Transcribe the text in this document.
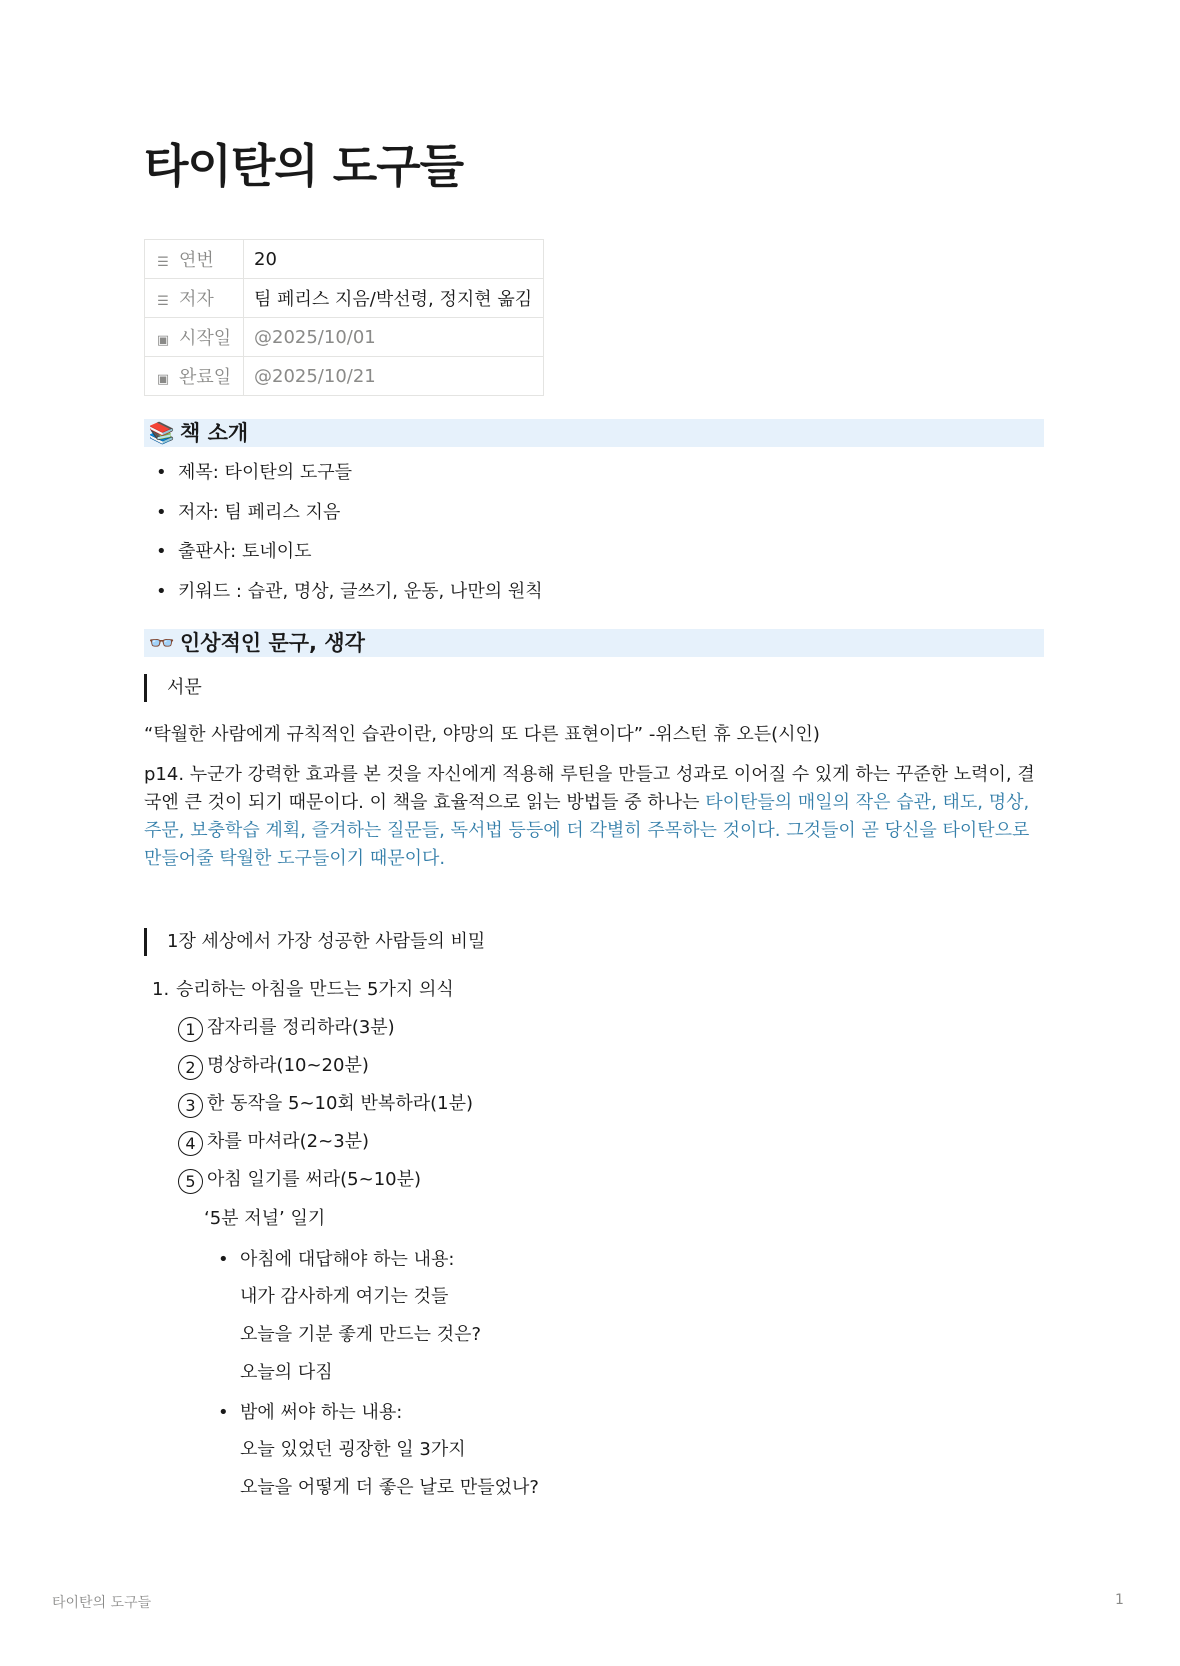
타이탄의 도구들
☰ 연번	20
☰ 저자	팀 페리스 지음/박선령, 정지현 옮김
▣ 시작일	@2025/10/01
▣ 완료일	@2025/10/21
📚 책 소개
• 제목: 타이탄의 도구들
• 저자: 팀 페리스 지음
• 출판사: 토네이도
• 키워드 : 습관, 명상, 글쓰기, 운동, 나만의 원칙
👓 인상적인 문구, 생각
서문

“탁월한 사람에게 규칙적인 습관이란, 야망의 또 다른 표현이다” -위스턴 휴 오든(시인)

p14. 누군가 강력한 효과를 본 것을 자신에게 적용해 루틴을 만들고 성과로 이어질 수 있게 하는 꾸준한 노력이, 결국엔 큰 것이 되기 때문이다. 이 책을 효율적으로 읽는 방법들 중 하나는 타이탄들의 매일의 작은 습관, 태도, 명상, 주문, 보충학습 계획, 즐겨하는 질문들, 독서법 등등에 더 각별히 주목하는 것이다. 그것들이 곧 당신을 타이탄으로 만들어줄 탁월한 도구들이기 때문이다.

1장 세상에서 가장 성공한 사람들의 비밀
1. 승리하는 아침을 만드는 5가지 의식
1 잠자리를 정리하라(3분)
2 명상하라(10~20분)
3 한 동작을 5~10회 반복하라(1분)
4 차를 마셔라(2~3분)
5 아침 일기를 써라(5~10분)
‘5분 저널’ 일기
• 아침에 대답해야 하는 내용:
내가 감사하게 여기는 것들
오늘을 기분 좋게 만드는 것은?
오늘의 다짐
• 밤에 써야 하는 내용:
오늘 있었던 굉장한 일 3가지
오늘을 어떻게 더 좋은 날로 만들었나?
타이탄의 도구들	1
